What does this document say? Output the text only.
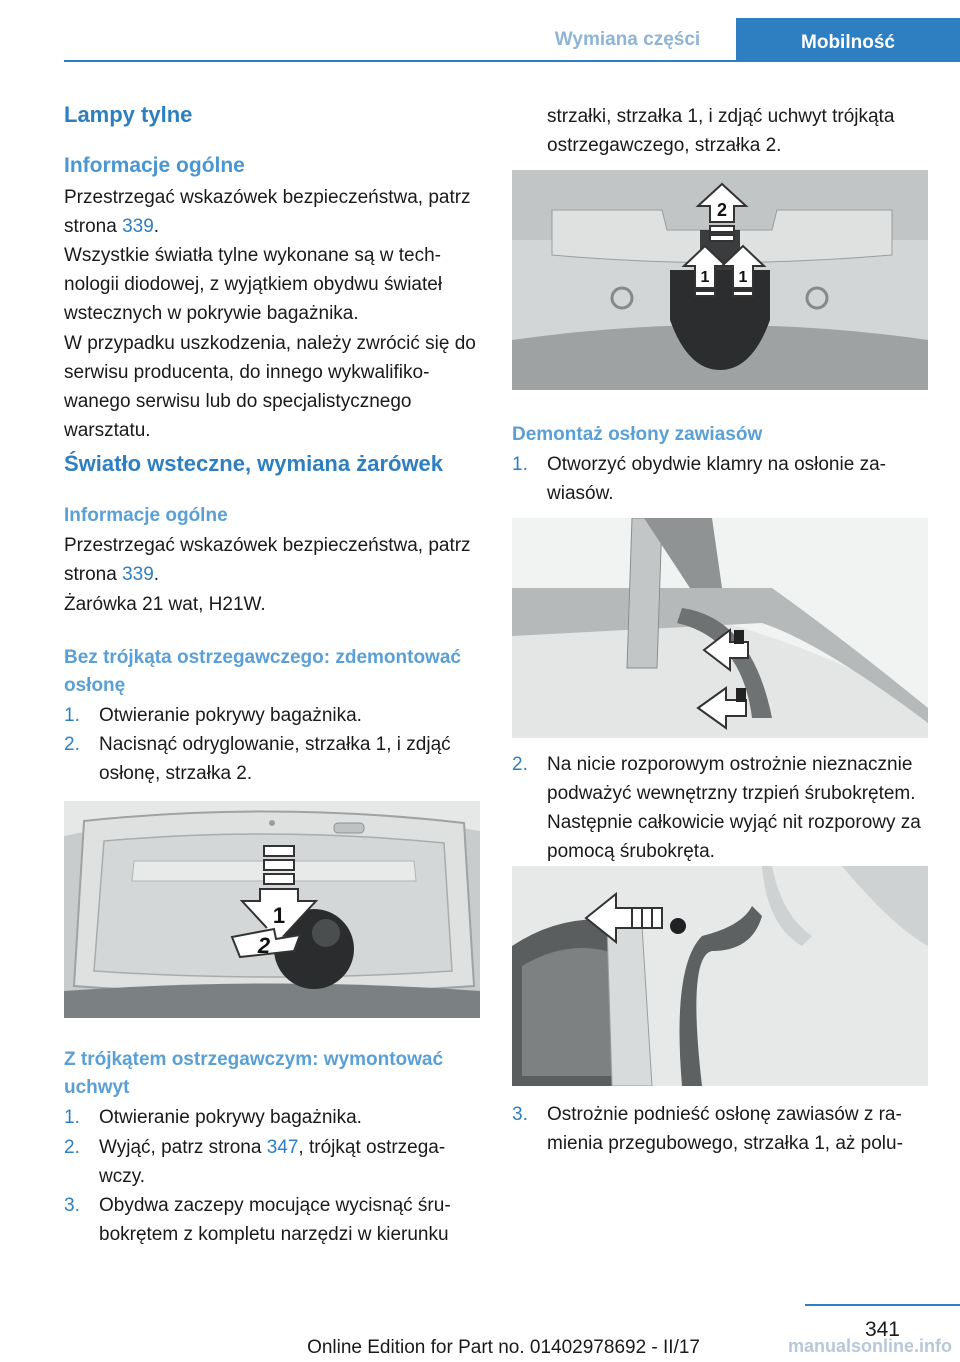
Wymiana części	Mobilność
Lampy tylne
Informacje ogólne
Przestrzegać wskazówek bezpieczeństwa, patrz strona 339.
Wszystkie światła tylne wykonane są w technologii diodowej, z wyjątkiem obydwu świateł wstecznych w pokrywie bagażnika.
W przypadku uszkodzenia, należy zwrócić się do serwisu producenta, do innego wykwalifikowanego serwisu lub do specjalistycznego warsztatu.
Światło wsteczne, wymiana żarówek
Informacje ogólne
Przestrzegać wskazówek bezpieczeństwa, patrz strona 339.
Żarówka 21 wat, H21W.
Bez trójkąta ostrzegawczego: zdemontować osłonę
1. Otwieranie pokrywy bagażnika.
2. Nacisnąć odryglowanie, strzałka 1, i zdjąć osłonę, strzałka 2.
1
2
Z trójkątem ostrzegawczym: wymontować uchwyt
1. Otwieranie pokrywy bagażnika.
2. Wyjąć, patrz strona 347, trójkąt ostrzegawczy.
3. Obydwa zaczepy mocujące wycisnąć śrubokrętem z kompletu narzędzi w kierunku
strzałki, strzałka 1, i zdjąć uchwyt trójkąta ostrzegawczego, strzałka 2.
2
1 1
Demontaż osłony zawiasów
1. Otworzyć obydwie klamry na osłonie zawiasów.
2. Na nicie rozporowym ostrożnie nieznacznie podważyć wewnętrzny trzpień śrubokrętem. Następnie całkowicie wyjąć nit rozporowy za pomocą śrubokręta.
3. Ostrożnie podnieść osłonę zawiasów z ramienia przegubowego, strzałka 1, aż polu-
341
Online Edition for Part no. 01402978692 - II/17	manualsonline.info
